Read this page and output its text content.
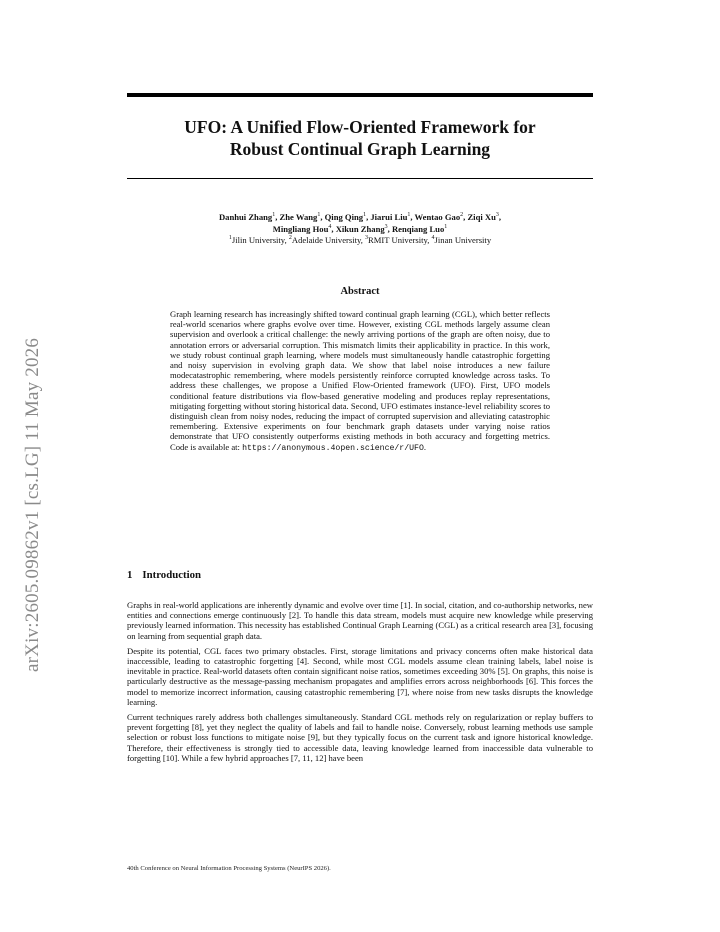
arXiv:2605.09862v1 [cs.LG] 11 May 2026
UFO: A Unified Flow-Oriented Framework for
Robust Continual Graph Learning
Danhui Zhang$^1$, Zhe Wang$^1$, Qing Qing$^1$, Jiarui Liu$^1$, Wentao Gao$^2$, Ziqi Xu$^3$,
Mingliang Hou$^4$, Xikun Zhang$^3$, Renqiang Luo$^1$
$^1$Jilin University, $^2$Adelaide University, $^3$RMIT University, $^4$Jinan University
Abstract
Graph learning research has increasingly shifted toward continual graph learning (CGL), which better reflects real-world scenarios where graphs evolve over time. However, existing CGL methods largely assume clean supervision and overlook a critical challenge: the newly arriving portions of the graph are often noisy, due to annotation errors or adversarial corruption. This mismatch limits their applicability in practice. In this work, we study robust continual graph learning, where models must simultaneously handle catastrophic forgetting and noisy supervision in evolving graph data. We show that label noise introduces a new failure modecatastrophic remembering, where models persistently reinforce corrupted knowledge across tasks. To address these challenges, we propose a Unified Flow-Oriented framework (UFO). First, UFO models conditional feature distributions via flow-based generative modeling and produces replay representations, mitigating forgetting without storing historical data. Second, UFO estimates instance-level reliability scores to distinguish clean from noisy nodes, reducing the impact of corrupted supervision and alleviating catastrophic remembering. Extensive experiments on four benchmark graph datasets under varying noise ratios demonstrate that UFO consistently outperforms existing methods in both accuracy and forgetting metrics. Code is available at: https://anonymous.4open.science/r/UFO.
1 Introduction

Graphs in real-world applications are inherently dynamic and evolve over time [1]. In social, citation, and co-authorship networks, new entities and connections emerge continuously [2]. To handle this data stream, models must acquire new knowledge while preserving previously learned information. This necessity has established Continual Graph Learning (CGL) as a critical research area [3], focusing on learning from sequential graph data.

Despite its potential, CGL faces two primary obstacles. First, storage limitations and privacy concerns often make historical data inaccessible, leading to catastrophic forgetting [4]. Second, while most CGL models assume clean training labels, label noise is inevitable in practice. Real-world datasets often contain significant noise ratios, sometimes exceeding 30% [5]. On graphs, this noise is particularly destructive as the message-passing mechanism propagates and amplifies errors across neighborhoods [6]. This forces the model to memorize incorrect information, causing catastrophic remembering [7], where noise from new tasks disrupts the knowledge learning.

Current techniques rarely address both challenges simultaneously. Standard CGL methods rely on regularization or replay buffers to prevent forgetting [8], yet they neglect the quality of labels and fail to handle noise. Conversely, robust learning methods use sample selection or robust loss functions to mitigate noise [9], but they typically focus on the current task and ignore historical knowledge. Therefore, their effectiveness is strongly tied to accessible data, leaving knowledge learned from inaccessible data vulnerable to forgetting [10]. While a few hybrid approaches [7, 11, 12] have been

40th Conference on Neural Information Processing Systems (NeurIPS 2026).
